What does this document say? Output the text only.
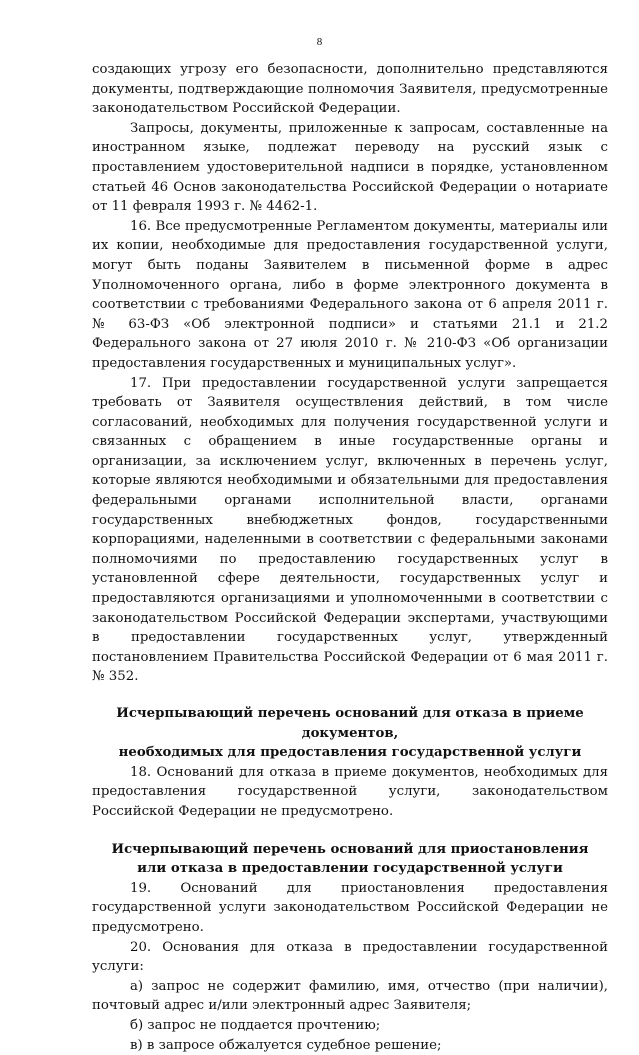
8

создающих угрозу его безопасности, дополнительно представляются документы, подтверждающие полномочия Заявителя, предусмотренные законодательством Российской Федерации.

Запросы, документы, приложенные к запросам, составленные на иностранном языке, подлежат переводу на русский язык с проставлением удостоверительной надписи в порядке, установленном статьей 46 Основ законодательства Российской Федерации о нотариате от 11 февраля 1993 г. № 4462-1.

16. Все предусмотренные Регламентом документы, материалы или их копии, необходимые для предоставления государственной услуги, могут быть поданы Заявителем в письменной форме в адрес Уполномоченного органа, либо в форме электронного документа в соответствии с требованиями Федерального закона от 6 апреля 2011 г. № 63-ФЗ «Об электронной подписи» и статьями 21.1 и 21.2 Федерального закона от 27 июля 2010 г. № 210-ФЗ «Об организации предоставления государственных и муниципальных услуг».

17. При предоставлении государственной услуги запрещается требовать от Заявителя осуществления действий, в том числе согласований, необходимых для получения государственной услуги и связанных с обращением в иные государственные органы и организации, за исключением услуг, включенных в перечень услуг, которые являются необходимыми и обязательными для предоставления федеральными органами исполнительной власти, органами государственных внебюджетных фондов, государственными корпорациями, наделенными в соответствии с федеральными законами полномочиями по предоставлению государственных услуг в установленной сфере деятельности, государственных услуг и предоставляются организациями и уполномоченными в соответствии с законодательством Российской Федерации экспертами, участвующими в предоставлении государственных услуг, утвержденный постановлением Правительства Российской Федерации от 6 мая 2011 г. № 352.

Исчерпывающий перечень оснований для отказа в приеме документов,
необходимых для предоставления государственной услуги

18. Оснований для отказа в приеме документов, необходимых для предоставления государственной услуги, законодательством Российской Федерации не предусмотрено.

Исчерпывающий перечень оснований для приостановления
или отказа в предоставлении государственной услуги

19. Оснований для приостановления предоставления государственной услуги законодательством Российской Федерации не предусмотрено.

20. Основания для отказа в предоставлении государственной услуги:

а) запрос не содержит фамилию, имя, отчество (при наличии), почтовый адрес и/или электронный адрес Заявителя;

б) запрос не поддается прочтению;

в) в запросе обжалуется судебное решение;
